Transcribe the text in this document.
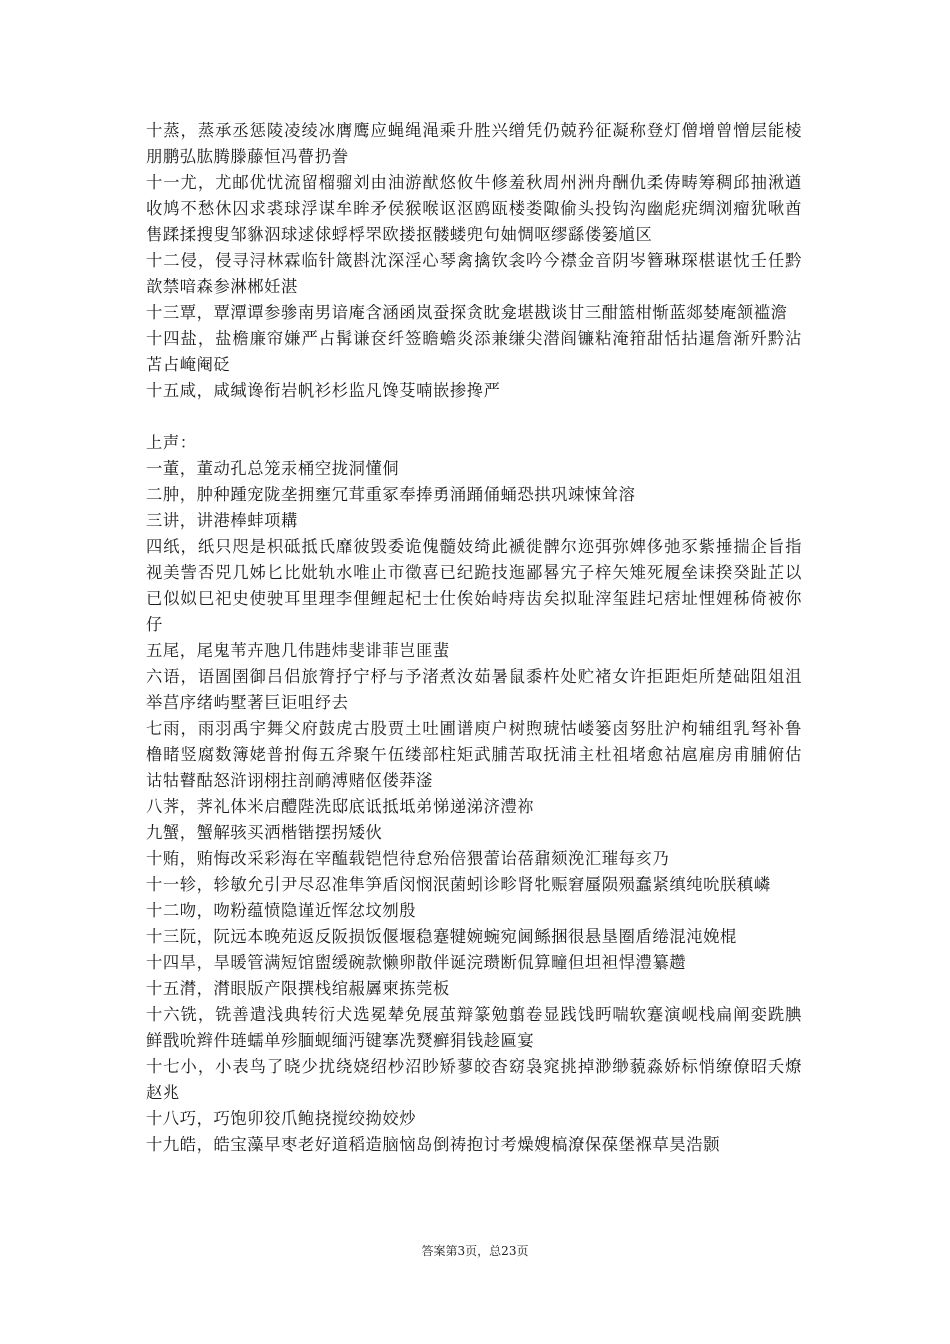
十蒸，蒸承丞惩陵凌绫冰膺鹰应蝇绳渑乘升胜兴缯凭仍兢矜征凝称登灯僧增曾憎层能棱朋鹏弘肱腾滕藤恒冯瞢扔誊

十一尤，尤邮优忧流留榴骝刘由油游猷悠攸牛修羞秋周州洲舟酬仇柔俦畴筹稠邱抽湫遒收鸠不愁休囚求裘球浮谋牟眸矛侯猴喉讴沤鸥瓯楼娄陬偷头投钩沟幽彪疣绸浏瘤犹啾酋售蹂揉搜叟邹貅泅球逑俅蜉桴罘欧搂抠髅蝼兜句妯惆呕缪繇偻篓馗区

十二侵，侵寻浔林霖临针箴斟沈深淫心琴禽擒钦衾吟今襟金音阴岑簪琳琛椹谌忱壬任黔歆禁喑森参淋郴妊湛

十三覃，覃潭谭参骖南男谙庵含涵函岚蚕探贪眈龛堪戡谈甘三酣篮柑惭蓝郯婪庵颔褴澹

十四盐，盐檐廉帘嫌严占髯谦奁纤签瞻蟾炎添兼缣尖潜阎镰粘淹箝甜恬拈暹詹渐歼黔沾苫占崦阉砭

十五咸，咸缄谗衔岩帆衫杉监凡馋芟喃嵌掺搀严

上声：

一董，董动孔总笼汞桶空拢洞懂侗

二肿，肿种踵宠陇垄拥壅冗茸重冢奉捧勇涌踊俑蛹恐拱巩竦悚耸溶

三讲，讲港棒蚌项耩

四纸，纸只咫是枳砥抵氏靡彼毁委诡傀髓妓绮此褫徙髀尔迩弭弥婢侈弛豕紫捶揣企旨指视美訾否兕几姊匕比妣轨水唯止市徵喜已纪跪技迤鄙晷宄子梓矢雉死履垒诔揆癸趾芷以已似姒巳祀史使驶耳里理李俚鲤起杞士仕俟始峙痔齿矣拟耻滓玺跬圮痞址悝娌秭倚被你仔

五尾，尾鬼苇卉虺几伟韪炜斐诽菲岂匪蜚

六语，语圄圉御吕侣旅膂抒宁杼与予渚煮汝茹暑鼠黍杵处贮褚女许拒距炬所楚础阻俎沮举莒序绪屿墅著巨讵咀纾去

七雨，雨羽禹宇舞父府鼓虎古股贾土吐圃谱庾户树煦琥怙嵝篓卤努肚沪枸辅组乳弩补鲁橹睹竖腐数簿姥普拊侮五斧聚午伍缕部柱矩武脯苦取抚浦主杜祖堵愈祜扈雇房甫脯俯估诂牯瞽酤怒浒诩栩拄剖鸸溥赌伛偻莽滏

八荠，荠礼体米启醴陛洗邸底诋抵坻弟悌递涕济澧祢

九蟹，蟹解骇买洒楷锴摆拐矮伙

十贿，贿悔改采彩海在宰醢载铠恺待怠殆倍猥蕾诒蓓鼐颏浼汇璀每亥乃

十一轸，轸敏允引尹尽忍准隼笋盾闵悯泯菌蚓诊畛肾牝赈窘蜃陨殒蠢紧缜纯吮朕稹嶙

十二吻，吻粉蕴愤隐谨近恽忿坟刎殷

十三阮，阮远本晚苑返反阪损饭偃堰稳蹇犍婉蜿宛阃鲧捆很悬垦圈盾绻混沌娩棍

十四旱，旱暖管满短馆盥缓碗款懒卵散伴诞浣瓒断侃算疃但坦袒悍澧纂趱

十五潸，潸眼版产限撰栈绾赧羼柬拣莞板

十六铣，铣善遣浅典转衍犬选冕辇免展茧辩篆勉翦卷显践饯眄喘软蹇演岘栈扁阐娈跣腆鲜戬吮辫件琏蠕单殄腼蚬缅沔键搴冼燹癣狷钱趁匾宴

十七小，小表鸟了晓少扰绕娆绍杪沼眇矫蓼皎杳窈袅窕挑掉渺缈藐淼娇标悄缭僚昭夭燎赵兆

十八巧，巧饱卯狡爪鲍挠搅绞拗姣炒

十九皓，皓宝藻早枣老好道稻造脑恼岛倒祷抱讨考燥嫂槁潦保葆堡褓草昊浩颢

答案第3页，总23页
